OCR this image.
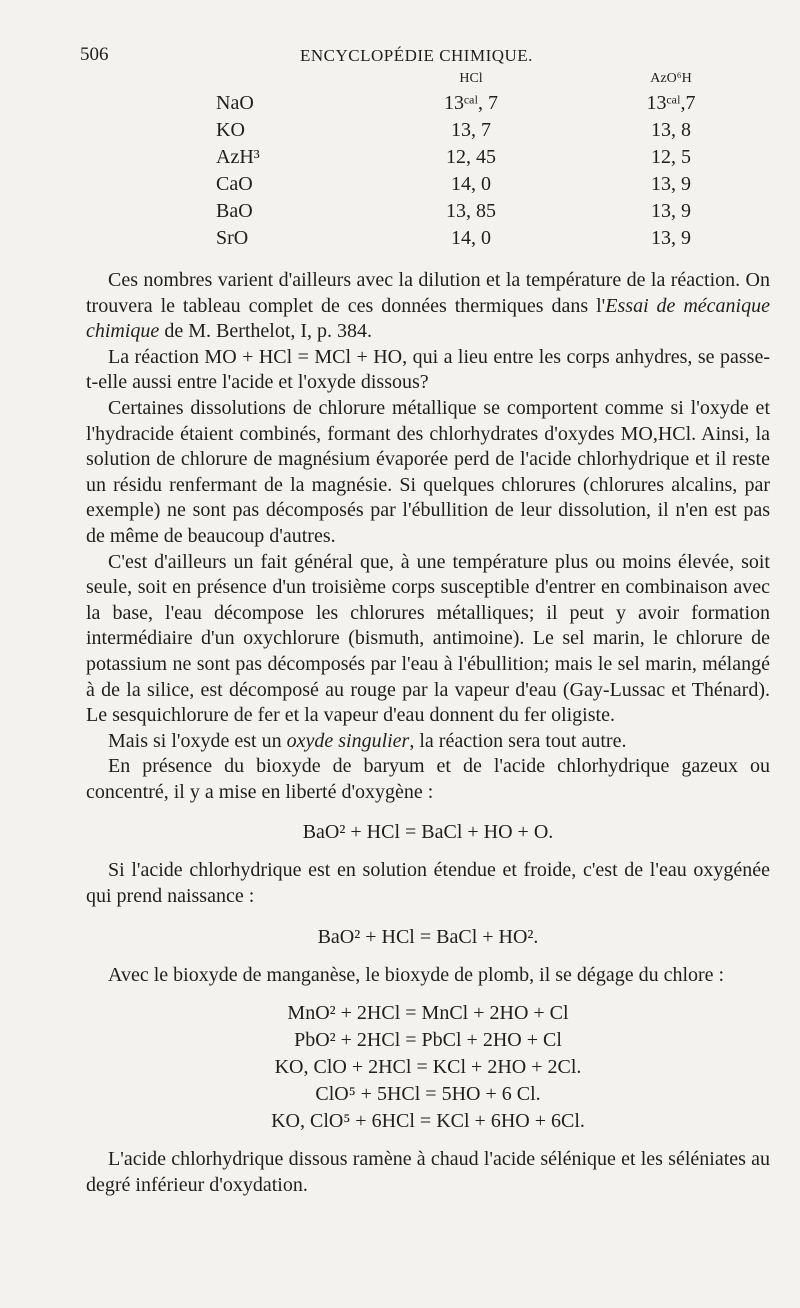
506	ENCYCLOPÉDIE CHIMIQUE.
	HCl	AzO⁶H
NaO	13ᶜᵃˡ, 7	13ᶜᵃˡ,7
KO	13, 7	13, 8
AzH³	12, 45	12, 5
CaO	14, 0	13, 9
BaO	13, 85	13, 9
SrO	14, 0	13, 9

Ces nombres varient d'ailleurs avec la dilution et la température de la réaction. On trouvera le tableau complet de ces données thermiques dans l'Essai de mécanique chimique de M. Berthelot, I, p. 384.

La réaction MO + HCl = MCl + HO, qui a lieu entre les corps anhydres, se passe-t-elle aussi entre l'acide et l'oxyde dissous?

Certaines dissolutions de chlorure métallique se comportent comme si l'oxyde et l'hydracide étaient combinés, formant des chlorhydrates d'oxydes MO,HCl. Ainsi, la solution de chlorure de magnésium évaporée perd de l'acide chlorhydrique et il reste un résidu renfermant de la magnésie. Si quelques chlorures (chlorures alcalins, par exemple) ne sont pas décomposés par l'ébullition de leur dissolution, il n'en est pas de même de beaucoup d'autres.

C'est d'ailleurs un fait général que, à une température plus ou moins élevée, soit seule, soit en présence d'un troisième corps susceptible d'entrer en combinaison avec la base, l'eau décompose les chlorures métalliques; il peut y avoir formation intermédiaire d'un oxychlorure (bismuth, antimoine). Le sel marin, le chlorure de potassium ne sont pas décomposés par l'eau à l'ébullition; mais le sel marin, mélangé à de la silice, est décomposé au rouge par la vapeur d'eau (Gay-Lussac et Thénard). Le sesquichlorure de fer et la vapeur d'eau donnent du fer oligiste.

Mais si l'oxyde est un oxyde singulier, la réaction sera tout autre.

En présence du bioxyde de baryum et de l'acide chlorhydrique gazeux ou concentré, il y a mise en liberté d'oxygène :

BaO² + HCl = BaCl + HO + O.

Si l'acide chlorhydrique est en solution étendue et froide, c'est de l'eau oxygénée qui prend naissance :

BaO² + HCl = BaCl + HO².

Avec le bioxyde de manganèse, le bioxyde de plomb, il se dégage du chlore :

MnO² + 2HCl = MnCl + 2HO + Cl
PbO² + 2HCl = PbCl + 2HO + Cl
KO, ClO + 2HCl = KCl + 2HO + 2Cl.
ClO⁵ + 5HCl = 5HO + 6 Cl.
KO, ClO⁵ + 6HCl = KCl + 6HO + 6Cl.

L'acide chlorhydrique dissous ramène à chaud l'acide sélénique et les séléniates au degré inférieur d'oxydation.
